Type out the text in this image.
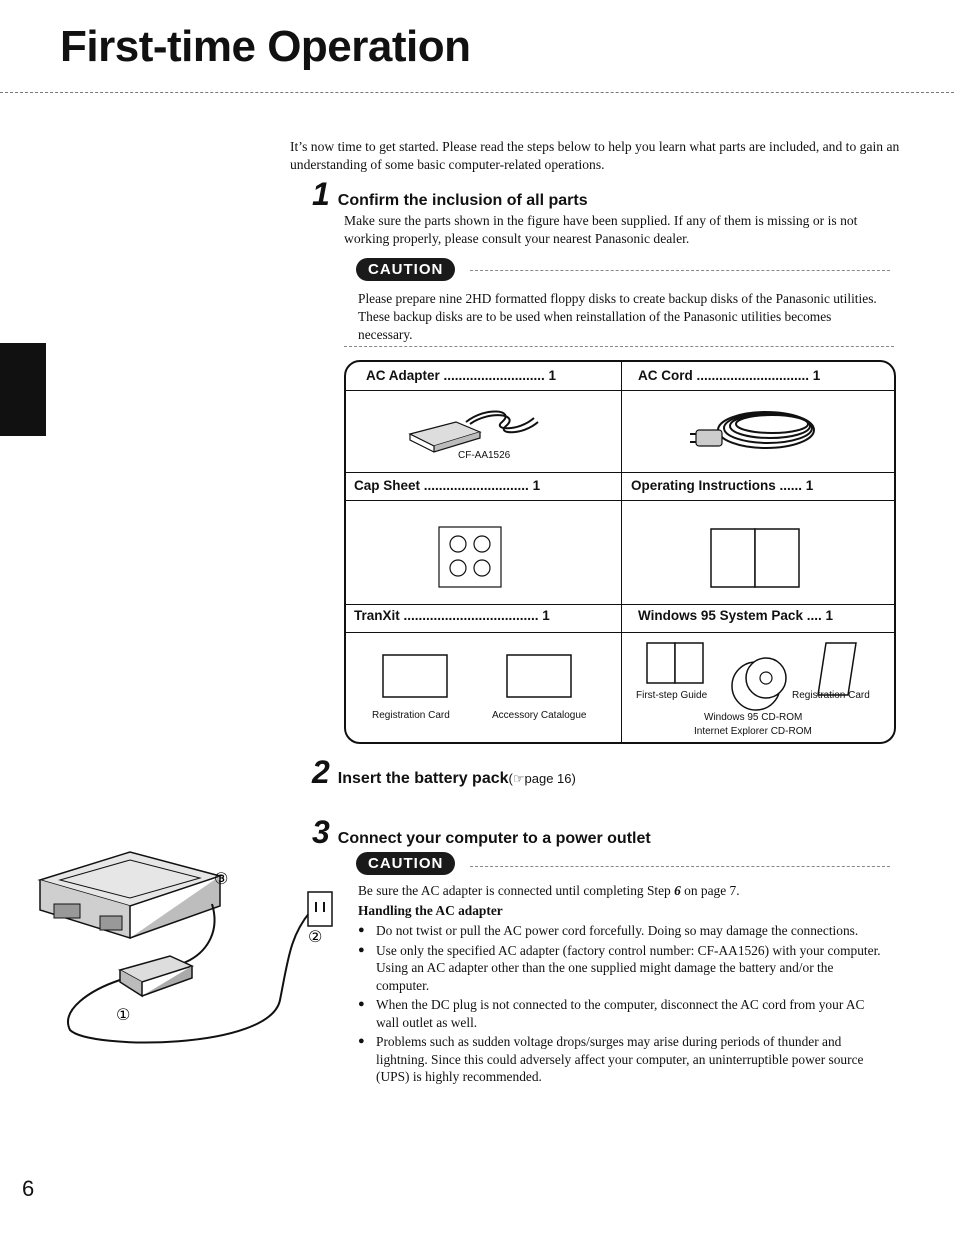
First-time Operation

It’s now time to get started. Please read the steps below to help you learn what parts are included, and to gain an understanding of some basic computer-related operations.

1 Confirm the inclusion of all parts

Make sure the parts shown in the figure have been supplied. If any of them is missing or is not working properly, please consult your nearest Panasonic dealer.

CAUTION

Please prepare nine 2HD formatted floppy disks to create backup disks of the Panasonic utilities. These backup disks are to be used when reinstallation of the Panasonic utilities becomes necessary.

AC Adapter ........................... 1	AC Cord .............................. 1
CF-AA1526
Cap Sheet ............................ 1	Operating Instructions ...... 1
TranXit .................................... 1	Windows 95 System Pack .... 1
Registration Card	Accessory Catalogue
First-step Guide	Registration Card
Windows 95 CD-ROM
Internet Explorer CD-ROM
2 Insert the battery pack(☞page 16)
3 Connect your computer to a power outlet
CAUTION

Be sure the AC adapter is connected until completing Step 6 on page 7.

Handling the AC adapter

● Do not twist or pull the AC power cord forcefully. Doing so may damage the connections.
● Use only the specified AC adapter (factory control number: CF-AA1526) with your computer. Using an AC adapter other than the one supplied might damage the battery and/or the computer.
● When the DC plug is not connected to the computer, disconnect the AC cord from your AC wall outlet as well.
● Problems such as sudden voltage drops/surges may arise during periods of thunder and lightning. Since this could adversely affect your computer, an uninterruptible power source (UPS) is highly recommended.
③
②
①
6
